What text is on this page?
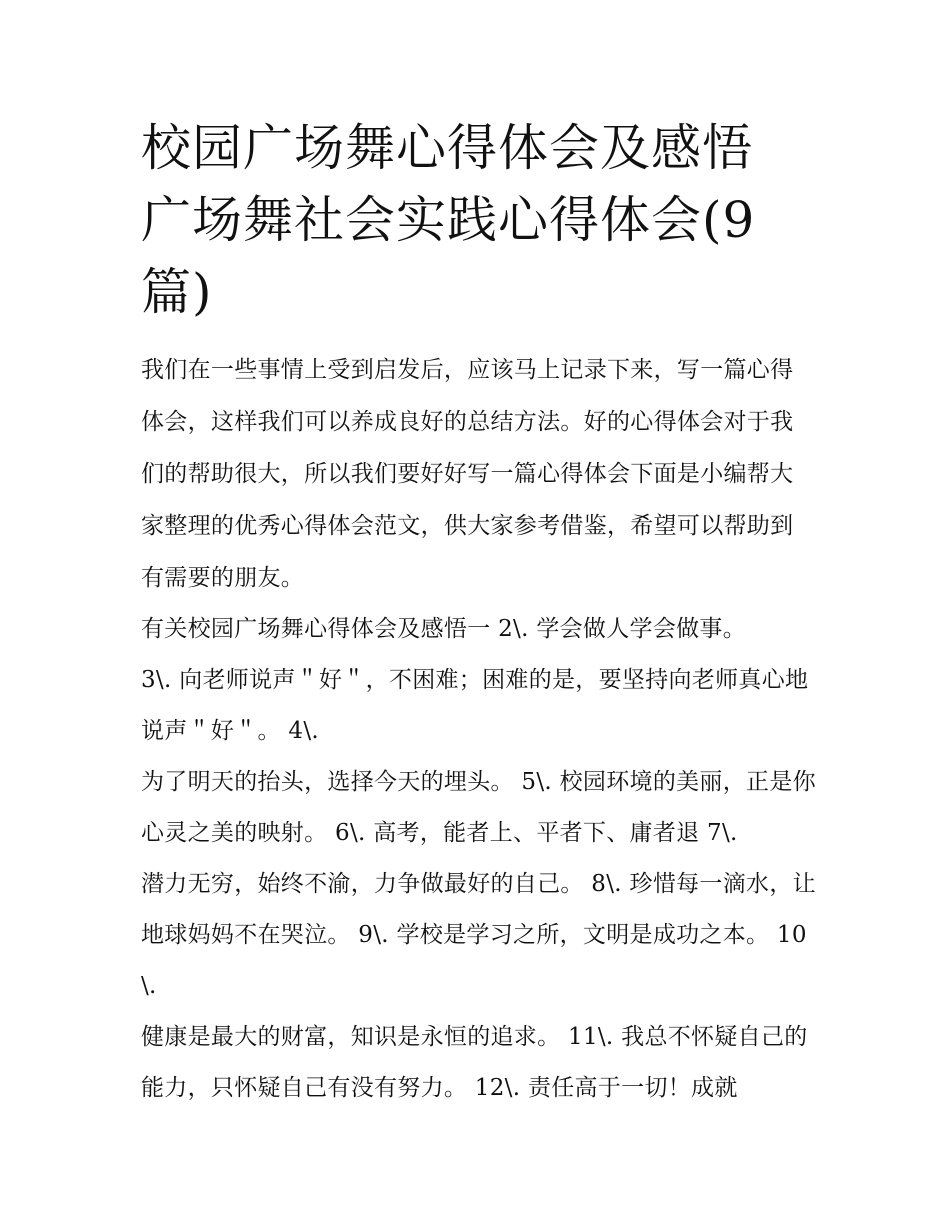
校园广场舞心得体会及感悟 广场舞社会实践心得体会(9篇)

我们在一些事情上受到启发后，应该马上记录下来，写一篇心得体会，这样我们可以养成良好的总结方法。好的心得体会对于我们的帮助很大，所以我们要好好写一篇心得体会下面是小编帮大家整理的优秀心得体会范文，供大家参考借鉴，希望可以帮助到有需要的朋友。

有关校园广场舞心得体会及感悟一 2\. 学会做人学会做事。

3\. 向老师说声＂好＂，不困难；困难的是，要坚持向老师真心地说声＂好＂。 4\.

为了明天的抬头，选择今天的埋头。 5\. 校园环境的美丽，正是你心灵之美的映射。 6\. 高考，能者上、平者下、庸者退 7\.

潜力无穷，始终不渝，力争做最好的自己。 8\. 珍惜每一滴水，让地球妈妈不在哭泣。 9\. 学校是学习之所，文明是成功之本。 10\.

健康是最大的财富，知识是永恒的追求。 11\. 我总不怀疑自己的能力，只怀疑自己有没有努力。 12\. 责任高于一切！成就
